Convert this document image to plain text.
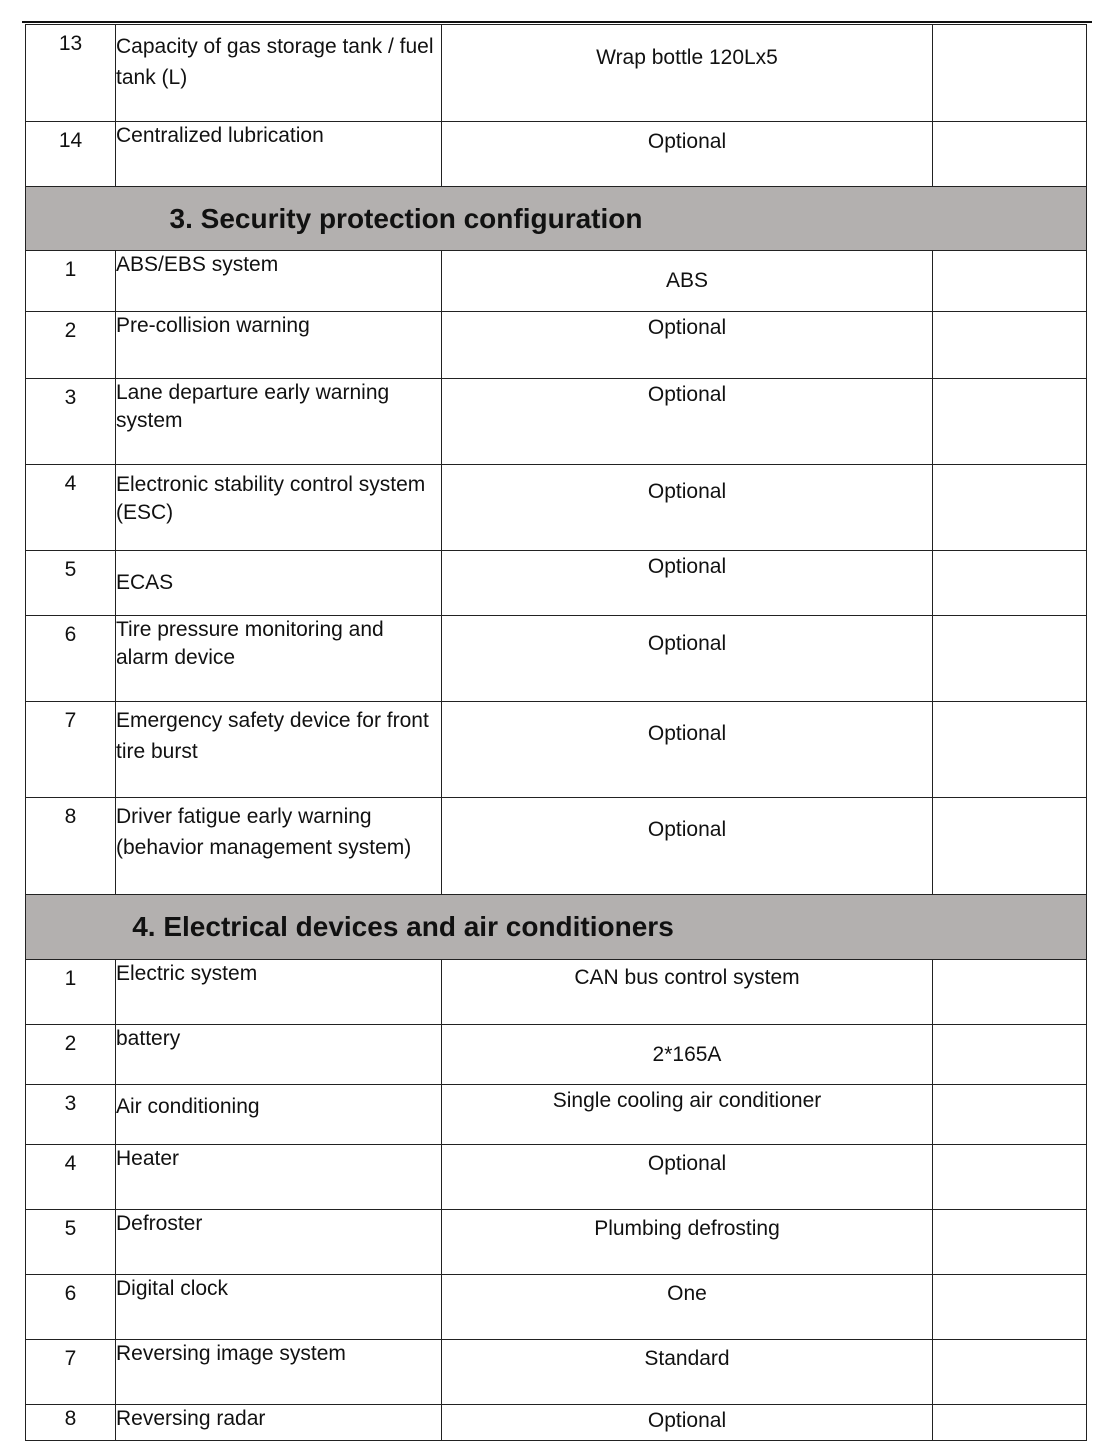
13	Capacity of gas storage tank / fuel tank (L)	Wrap bottle 120Lx5	
14	Centralized lubrication	Optional	
3. Security protection configuration			
1	ABS/EBS system	ABS	
2	Pre-collision warning	Optional	
3	Lane departure early warning system	Optional	
4	Electronic stability control system (ESC)	Optional	
5	ECAS	Optional	
6	Tire pressure monitoring and alarm device	Optional	
7	Emergency safety device for front tire burst	Optional	
8	Driver fatigue early warning (behavior management system)	Optional	
4. Electrical devices and air conditioners			
1	Electric system	CAN bus control system	
2	battery	2*165A	
3	Air conditioning	Single cooling air conditioner	
4	Heater	Optional	
5	Defroster	Plumbing defrosting	
6	Digital clock	One	
7	Reversing image system	Standard	
8	Reversing radar	Optional	
